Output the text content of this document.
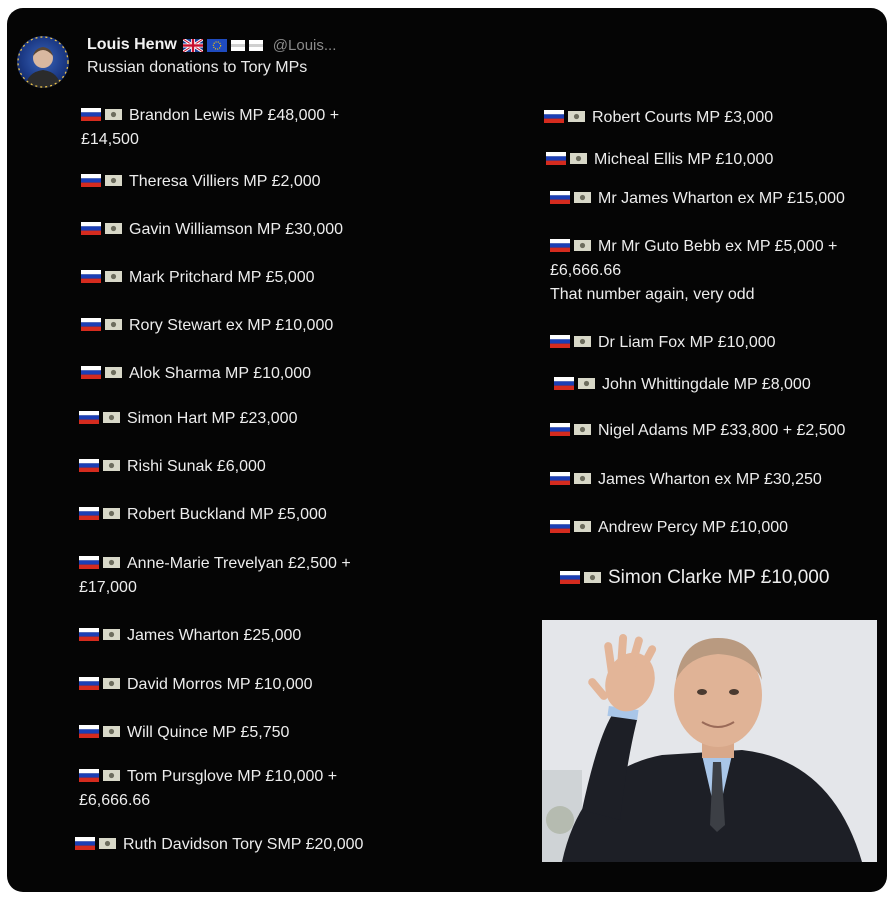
Louis Henw	@Louis...
Russian donations to Tory MPs
Brandon Lewis MP £48,000 +
£14,500
Theresa Villiers MP £2,000
Gavin Williamson MP £30,000
Mark Pritchard MP £5,000
Rory Stewart ex MP £10,000
Alok Sharma MP £10,000
Simon Hart MP £23,000
Rishi Sunak £6,000
Robert Buckland MP £5,000
Anne-Marie Trevelyan £2,500 +
£17,000
James Wharton £25,000
David Morros MP £10,000
Will Quince MP £5,750
Tom Pursglove MP £10,000 +
£6,666.66
Ruth Davidson Tory SMP £20,000
Robert Courts MP £3,000
Micheal Ellis MP £10,000
Mr James Wharton ex MP £15,000
Mr Mr Guto Bebb ex MP £5,000 +
£6,666.66
That number again, very odd
Dr Liam Fox MP £10,000
John Whittingdale MP £8,000
Nigel Adams MP £33,800 + £2,500
James Wharton ex MP £30,250
Andrew Percy MP £10,000
Simon Clarke MP £10,000
